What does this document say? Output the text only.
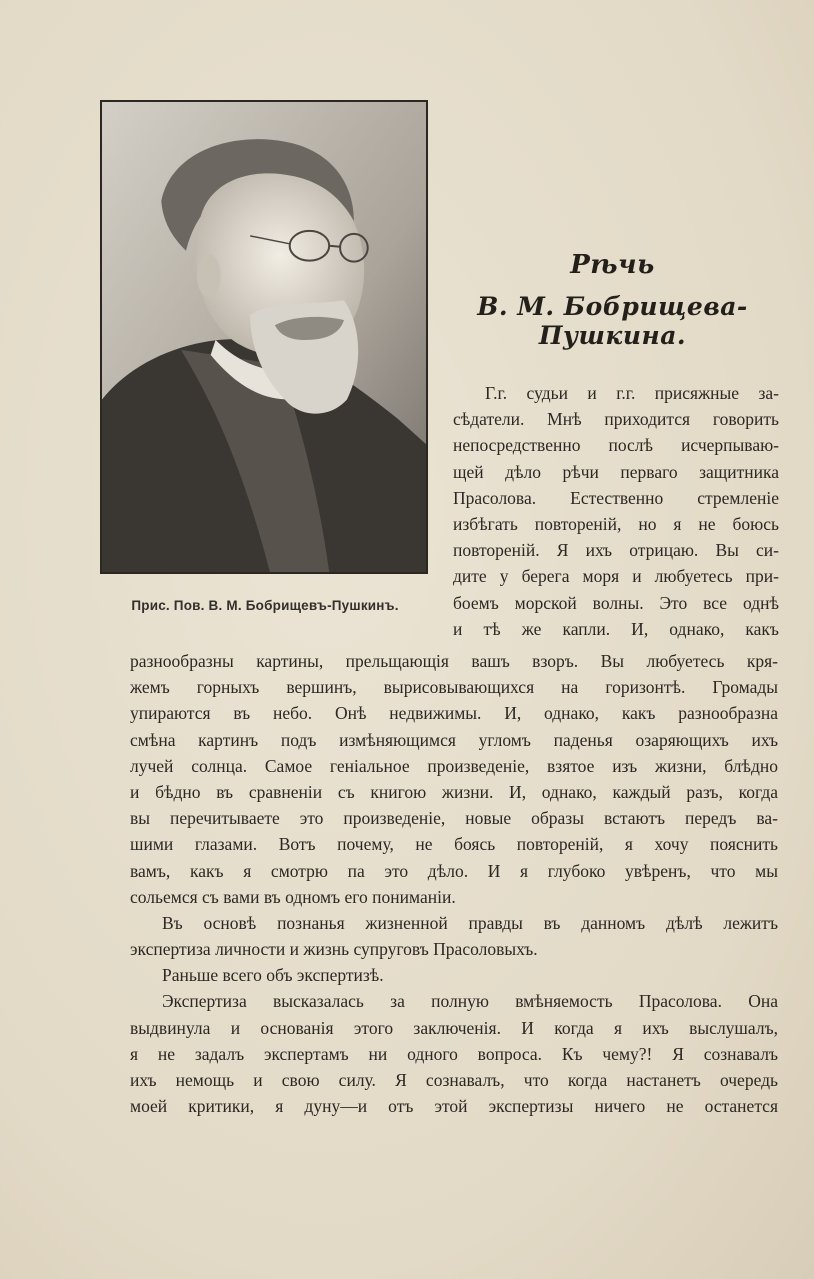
Прис. Пов. В. М. Бобрищевъ-Пушкинъ.
Рѣчь
В. М. Бобрищева-Пушкина.
Г.г. судьи и г.г. присяжные за-
сѣдатели. Мнѣ приходится говорить
непосредственно послѣ исчерпываю-
щей дѣло рѣчи перваго защитника
Прасолова. Естественно стремленіе
избѣгать повтореній, но я не боюсь
повтореній. Я ихъ отрицаю. Вы си-
дите у берега моря и любуетесь при-
боемъ морской волны. Это все однѣ
и тѣ же капли. И, однако, какъ
разнообразны картины, прельщающія вашъ взоръ. Вы любуетесь кря-
жемъ горныхъ вершинъ, вырисовывающихся на горизонтѣ. Громады
упираются въ небо. Онѣ недвижимы. И, однако, какъ разнообразна
смѣна картинъ подъ измѣняющимся угломъ паденья озаряющихъ ихъ
лучей солнца. Самое геніальное произведеніе, взятое изъ жизни, блѣдно
и бѣдно въ сравненіи съ книгою жизни. И, однако, каждый разъ, когда
вы перечитываете это произведеніе, новые образы встаютъ передъ ва-
шими глазами. Вотъ почему, не боясь повтореній, я хочу пояснить
вамъ, какъ я смотрю па это дѣло. И я глубоко увѣренъ, что мы
сольемся съ вами въ одномъ его пониманіи.
Въ основѣ познанья жизненной правды въ данномъ дѣлѣ лежитъ
экспертиза личности и жизнь супруговъ Прасоловыхъ.
Раньше всего объ экспертизѣ.
Экспертиза высказалась за полную вмѣняемость Прасолова. Она
выдвинула и основанія этого заключенія. И когда я ихъ выслушалъ,
я не задалъ экспертамъ ни одного вопроса. Къ чему?! Я сознавалъ
ихъ немощь и свою силу. Я сознавалъ, что когда настанетъ очередь
моей критики, я дуну—и отъ этой экспертизы ничего не останется
